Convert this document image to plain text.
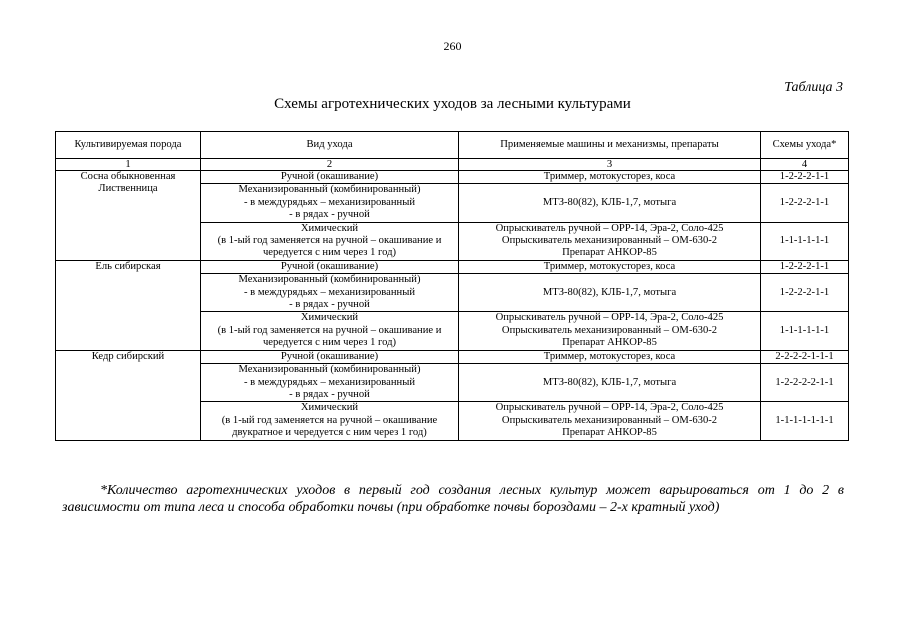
260
Таблица 3
Схемы агротехнических уходов за лесными культурами
Культивируемая порода	Вид ухода	Применяемые машины и механизмы, препараты	Схемы ухода*
1	2	3	4

Сосна обыкновенная
Лиственница	Ручной (окашивание)	Триммер, мотокусторез, коса	1-2-2-2-1-1

	Механизированный (комбинированный)
- в междурядьях – механизированный
- в рядах - ручной	МТЗ-80(82), КЛБ-1,7, мотыга	1-2-2-2-1-1

	Химический
(в 1-ый год заменяется на ручной – окашивание и
чередуется с ним через 1 год)	Опрыскиватель ручной – ОРР-14, Эра-2, Соло-425
Опрыскиватель механизированный – ОМ-630-2
Препарат АНКОР-85	1-1-1-1-1-1

Ель сибирская	Ручной (окашивание)	Триммер, мотокусторез, коса	1-2-2-2-1-1

	Механизированный (комбинированный)
- в междурядьях – механизированный
- в рядах - ручной	МТЗ-80(82), КЛБ-1,7, мотыга	1-2-2-2-1-1

	Химический
(в 1-ый год заменяется на ручной – окашивание и
чередуется с ним через 1 год)	Опрыскиватель ручной – ОРР-14, Эра-2, Соло-425
Опрыскиватель механизированный – ОМ-630-2
Препарат АНКОР-85	1-1-1-1-1-1

Кедр сибирский	Ручной (окашивание)	Триммер, мотокусторез, коса	2-2-2-2-1-1-1

	Механизированный (комбинированный)
- в междурядьях – механизированный
- в рядах - ручной	МТЗ-80(82), КЛБ-1,7, мотыга	1-2-2-2-2-1-1

	Химический
(в 1-ый год заменяется на ручной – окашивание
двукратное и чередуется с ним через 1 год)	Опрыскиватель ручной – ОРР-14, Эра-2, Соло-425
Опрыскиватель механизированный – ОМ-630-2
Препарат АНКОР-85	1-1-1-1-1-1-1
*Количество агротехнических уходов в первый год создания лесных культур может варьироваться от 1 до 2 в зависимости от типа леса и способа обработки почвы (при обработке почвы бороздами – 2-х кратный уход)
